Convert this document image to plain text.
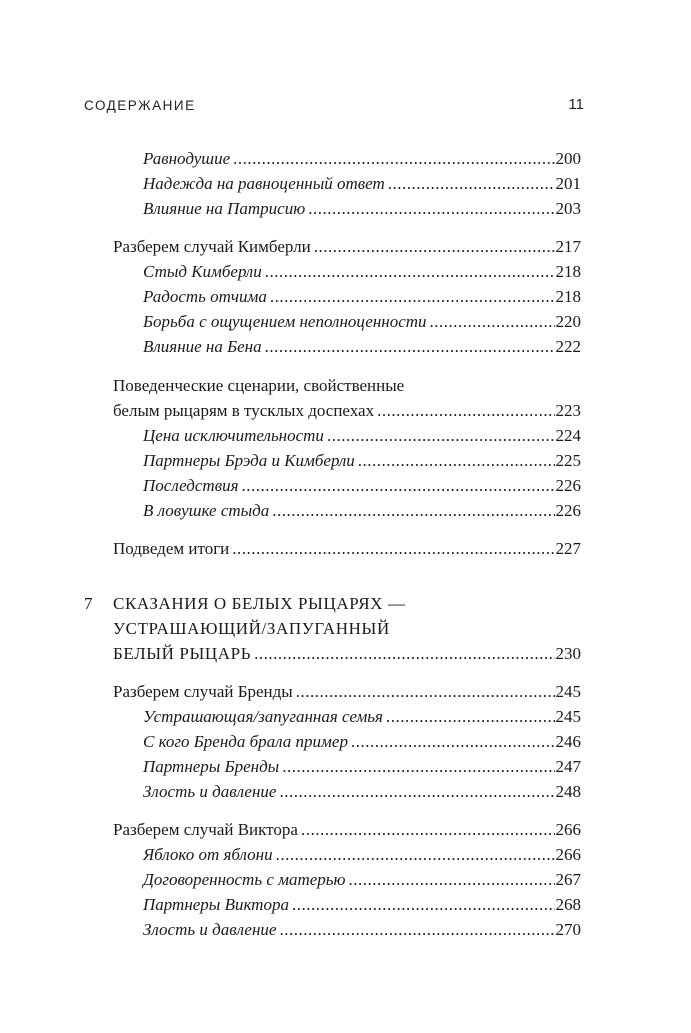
СОДЕРЖАНИЕ	11
Равнодушие .....	200
Надежда на равноценный ответ .....	201
Влияние на Патрисию .....	203
Разберем случай Кимберли .....	217
Стыд Кимберли .....	218
Радость отчима .....	218
Борьба с ощущением неполноценности .....	220
Влияние на Бена .....	222
Поведенческие сценарии, свойственные
белым рыцарям в тусклых доспехах .....	223
Цена исключительности .....	224
Партнеры Брэда и Кимберли .....	225
Последствия .....	226
В ловушке стыда .....	226
Подведем итоги .....	227
7 СКАЗАНИЯ О БЕЛЫХ РЫЦАРЯХ —
УСТРАШАЮЩИЙ/ЗАПУГАННЫЙ
БЕЛЫЙ РЫЦАРЬ .....	230
Разберем случай Бренды .....	245
Устрашающая/запуганная семья .....	245
С кого Бренда брала пример .....	246
Партнеры Бренды .....	247
Злость и давление .....	248
Разберем случай Виктора .....	266
Яблоко от яблони .....	266
Договоренность с матерью .....	267
Партнеры Виктора .....	268
Злость и давление .....	270
